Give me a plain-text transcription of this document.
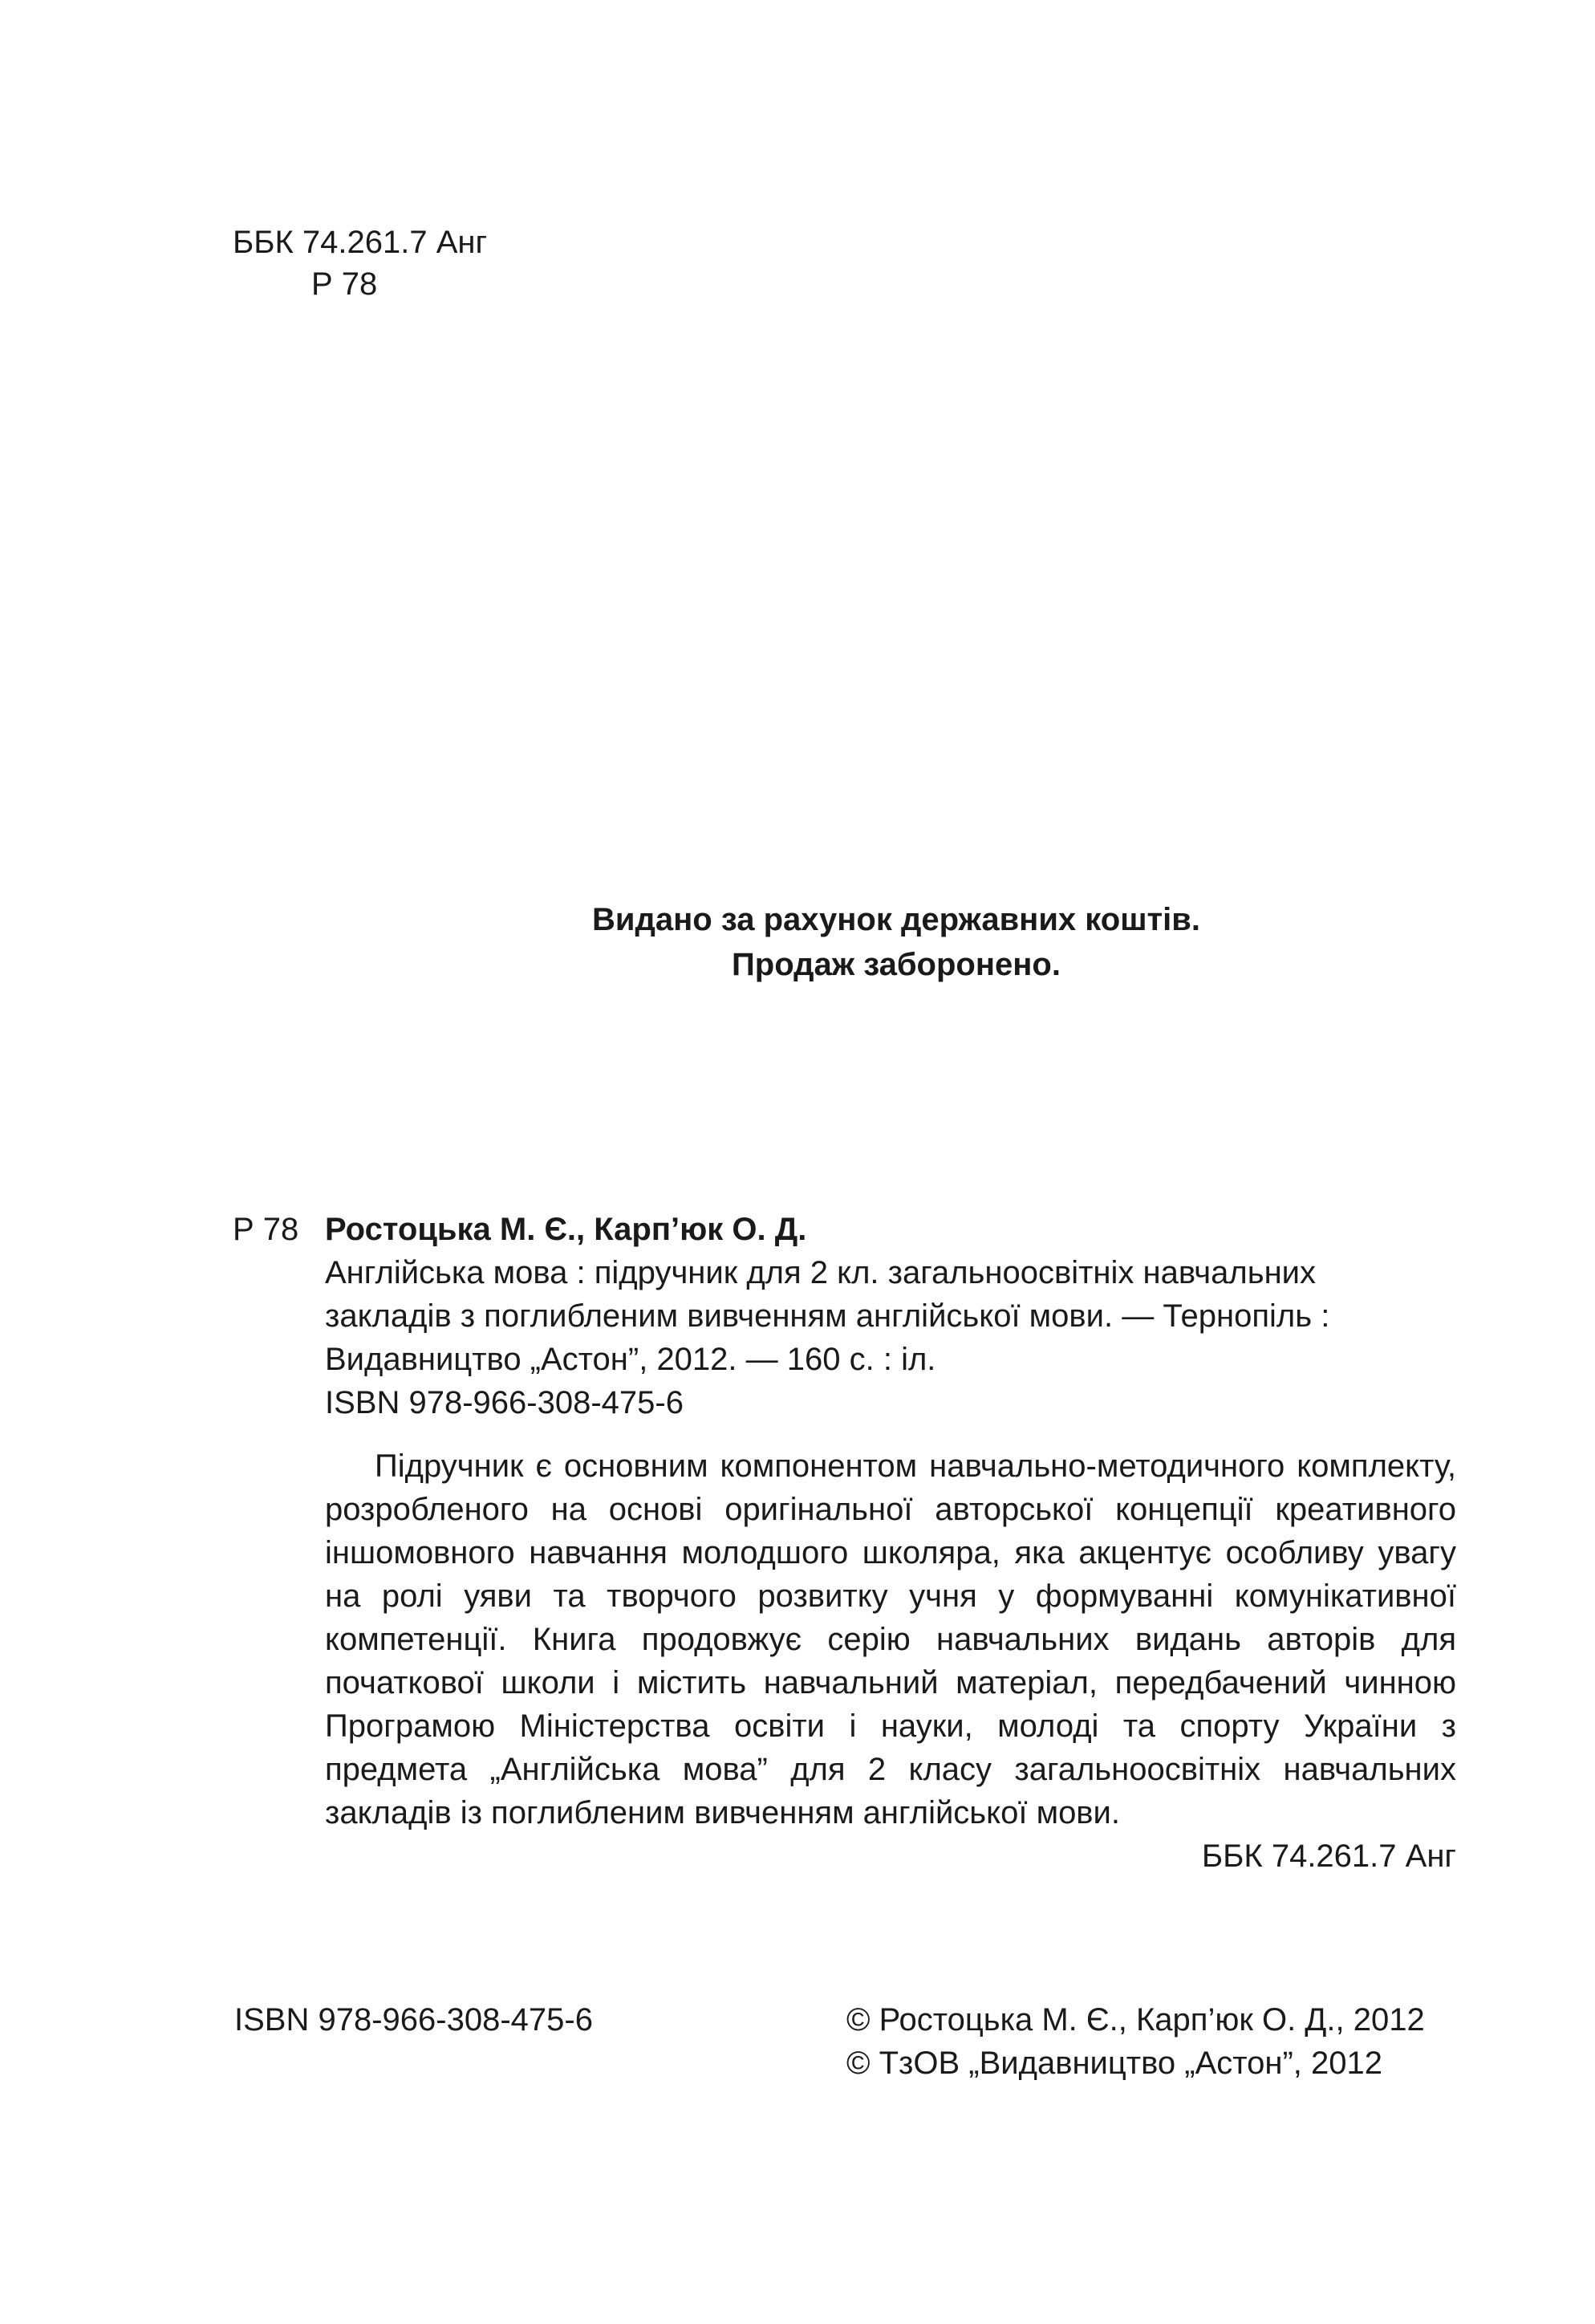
ББК 74.261.7 Анг
Р 78
Видано за рахунок державних коштів.
Продаж заборонено.
Р 78 Ростоцька М. Є., Карп’юк О. Д.
Англійська мова : підручник для 2 кл. загальноосвітніх навчальних
закладів з поглибленим вивченням англійської мови. — Тернопіль :
Видавництво „Астон”, 2012. — 160 с. : іл.
ISBN 978-966-308-475-6

Підручник є основним компонентом навчально-методичного комплекту, розробленого на основі оригінальної авторської концепції креативного іншомовного навчання молодшого школяра, яка акцентує особливу увагу на ролі уяви та творчого розвитку учня у формуванні комунікативної компетенції. Книга продовжує серію навчальних видань авторів для початкової школи і містить навчальний матеріал, передбачений чинною Програмою Міністерства освіти і науки, молоді та спорту України з предмета „Англійська мова” для 2 класу загальноосвітніх навчальних закладів із поглибленим вивченням англійської мови.

ББК 74.261.7 Анг

ISBN 978-966-308-475-6	© Ростоцька М. Є., Карп’юк О. Д., 2012
© ТзОВ „Видавництво „Астон”, 2012
